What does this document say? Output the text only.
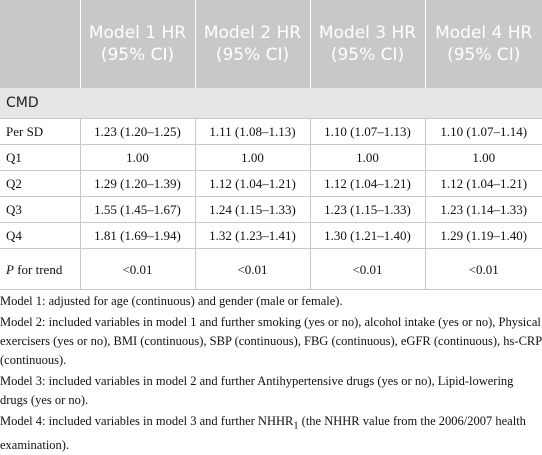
	Model 1 HR (95% CI)	Model 2 HR (95% CI)	Model 3 HR (95% CI)	Model 4 HR (95% CI)
CMD				
Per SD	1.23 (1.20–1.25)	1.11 (1.08–1.13)	1.10 (1.07–1.13)	1.10 (1.07–1.14)
Q1	1.00	1.00	1.00	1.00
Q2	1.29 (1.20–1.39)	1.12 (1.04–1.21)	1.12 (1.04–1.21)	1.12 (1.04–1.21)
Q3	1.55 (1.45–1.67)	1.24 (1.15–1.33)	1.23 (1.15–1.33)	1.23 (1.14–1.33)
Q4	1.81 (1.69–1.94)	1.32 (1.23–1.41)	1.30 (1.21–1.40)	1.29 (1.19–1.40)
P for trend	<0.01	<0.01	<0.01	<0.01

Model 1: adjusted for age (continuous) and gender (male or female).

Model 2: included variables in model 1 and further smoking (yes or no), alcohol intake (yes or no), Physical exercisers (yes or no), BMI (continuous), SBP (continuous), FBG (continuous), eGFR (continuous), hs-CRP (continuous).

Model 3: included variables in model 2 and further Antihypertensive drugs (yes or no), Lipid-lowering drugs (yes or no).

Model 4: included variables in model 3 and further $NHHR_1$ (the NHHR value from the 2006/2007 health examination).
